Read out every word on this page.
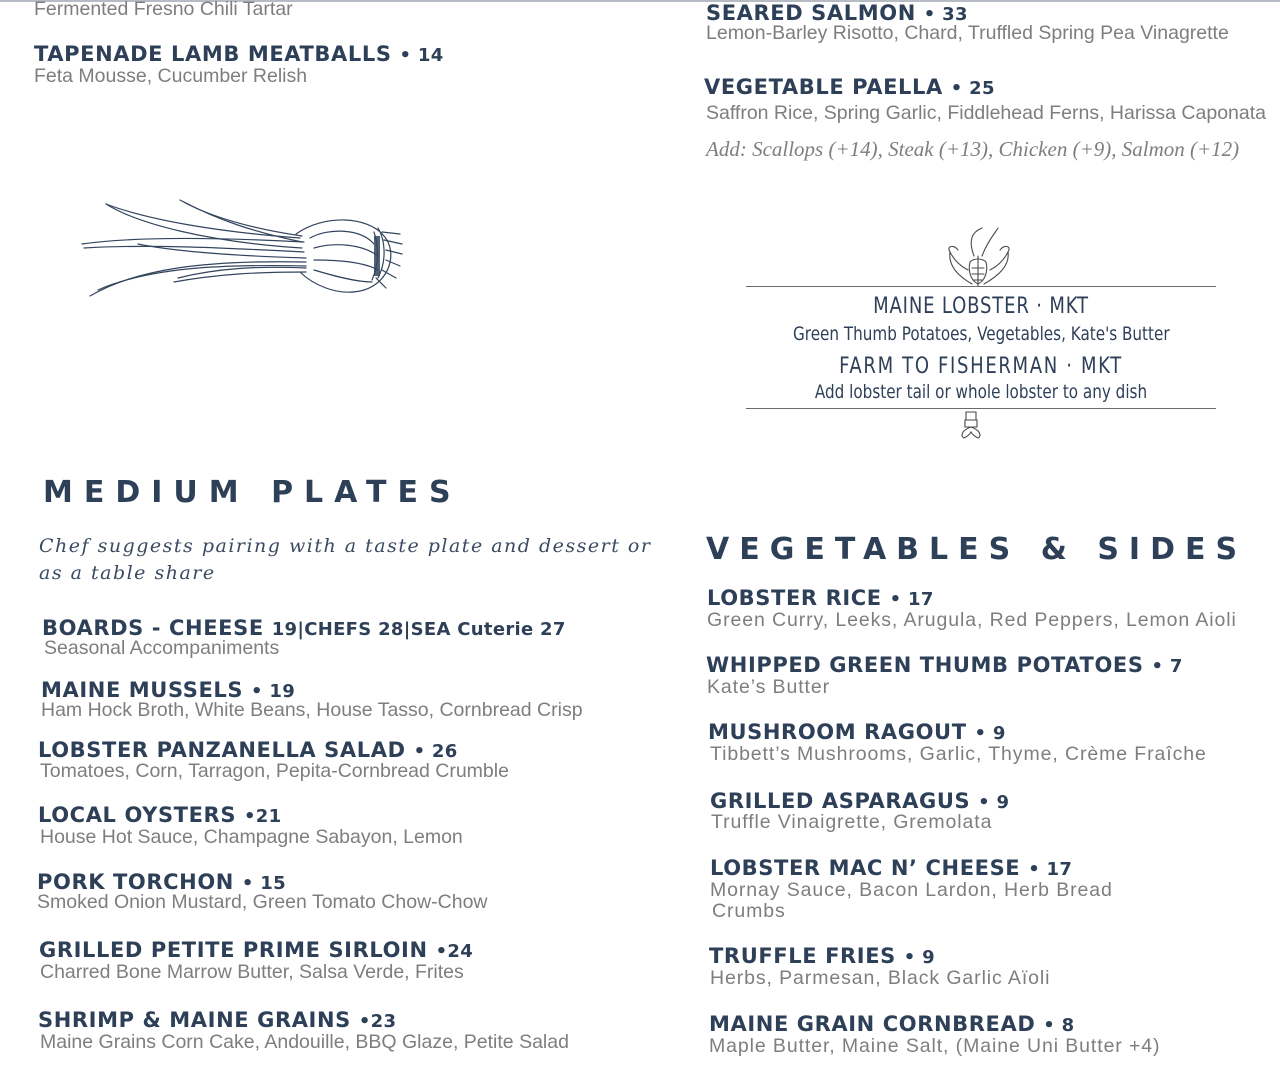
Fermented Fresno Chili Tartar
TAPENADE LAMB MEATBALLS • 14
Feta Mousse, Cucumber Relish
SEARED SALMON • 33
Lemon-Barley Risotto, Chard, Truffled Spring Pea Vinagrette
VEGETABLE PAELLA • 25
Saffron Rice, Spring Garlic, Fiddlehead Ferns, Harissa Caponata
Add: Scallops (+14), Steak (+13), Chicken (+9), Salmon (+12)
MAINE LOBSTER · MKT
Green Thumb Potatoes, Vegetables, Kate's Butter
FARM TO FISHERMAN · MKT
Add lobster tail or whole lobster to any dish
MEDIUM PLATES
Chef suggests pairing with a taste plate and dessert or
as a table share
BOARDS - CHEESE 19|CHEFS 28|SEA Cuterie 27
Seasonal Accompaniments
MAINE MUSSELS • 19
Ham Hock Broth, White Beans, House Tasso, Cornbread Crisp
LOBSTER PANZANELLA SALAD • 26
Tomatoes, Corn, Tarragon, Pepita-Cornbread Crumble
LOCAL OYSTERS •21
House Hot Sauce, Champagne Sabayon, Lemon
PORK TORCHON • 15
Smoked Onion Mustard, Green Tomato Chow-Chow
GRILLED PETITE PRIME SIRLOIN •24
Charred Bone Marrow Butter, Salsa Verde, Frites
SHRIMP & MAINE GRAINS •23
Maine Grains Corn Cake, Andouille, BBQ Glaze, Petite Salad
VEGETABLES & SIDES
LOBSTER RICE • 17
Green Curry, Leeks, Arugula, Red Peppers, Lemon Aioli
WHIPPED GREEN THUMB POTATOES • 7
Kate’s Butter
MUSHROOM RAGOUT • 9
Tibbett’s Mushrooms, Garlic, Thyme, Crème Fraîche
GRILLED ASPARAGUS • 9
Truffle Vinaigrette, Gremolata
LOBSTER MAC N’ CHEESE • 17
Mornay Sauce, Bacon Lardon, Herb Bread
Crumbs
TRUFFLE FRIES • 9
Herbs, Parmesan, Black Garlic Aïoli
MAINE GRAIN CORNBREAD • 8
Maple Butter, Maine Salt, (Maine Uni Butter +4)
